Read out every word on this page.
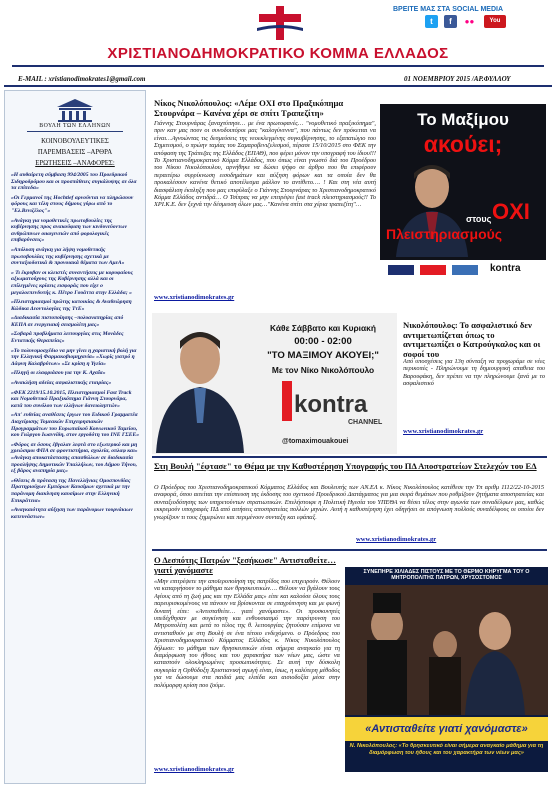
ΒΡΕΙΤΕ ΜΑΣ ΣΤΑ SOCIAL MEDIA
t	f	●●	You
ΧΡΙΣΤΙΑΝΟΔΗΜΟΚΡΑΤΙΚΟ ΚΟΜΜΑ ΕΛΛΑΔΟΣ
E-MAIL : xristianodimokrates1@gmail.com	01 ΝΟΕΜΒΡΙΟΥ 2015 /ΑΡ.ΦΥΛΛΟΥ
ΒΟΥΛΗ ΤΩΝ ΕΛΛΗΝΩΝ
ΚΟΙΝΟΒΟΥΛΕΥΤΙΚΕΣ
ΠΑΡΕΜΒΑΣΕΙΣ –ΑΡΘΡΑ
ΕΡΩΤΗΣΕΙΣ –ΑΝΑΦΟΡΕΣ:
«Η αυθαίρετη σύμβαση 994/2005 του Προεδρικού Σιδηροδρόμου και οι προσπάθειες συγκάλυψης σε όλα τα επίπεδα»
«Οι Γερμανοί της Hochtief αρνούνται να πληρώσουν φόρους και τέλη στους δήμους γύρω από το "Ελ.Βενιζέλος"»
«Ανάγκη για νομοθετικές πρωτοβουλίες της κυβέρνησης προς ανακούφιση των κινδυνεύοντων ανθρώπινων οικογενειών από φορολογικές επιβαρύνσεις»
«Απόλυση ανάγκη για λήψη νομοθετικής πρωτοβουλίας της κυβέρνησης σχετικά με συνταξιοδοτικά & προνοιακά θέματα των ΑμεΑ»
« Τι έκρυβαν οι κλειστές συναντήσεις με κορυφαίους αξιωματούχους της Κυβέρνησης αλλά και οι επίλεγμένες κρίσεις εισφοράς που είχε ο μεγαλοεπενδυτής κ. Πέτρο Γουάττα στην Ελλάδα; »
«Πλειστηριασμοί πρώτης κατοικίας & Αναθεώρηση Κώδικα Δεοντολογίας της ΤτΕ»
«Διαδικασία πιστοποίησης –πολυαναπηρίας από ΚΕΠΑ σε ενεργειακή σεισμολίτη μας»
«Σοβαρά προβλήματα λειτουργίας στις Μονάδες Εντατικής Θεραπείας»
«Το πολυνομοσχέδιο να μην γίνει η χαριστική βολή για την Ελληνική Φαρμακοβιομηχανία» «Χωρίς γιατρό η Δάφνη Καλαβρύτων» «Σε κρίση η Υγεία»
«Πληγή οι ελαφριάσου για την Κ. Αχαΐα»
«Ανακλήση αδείας ασφαλιστικής εταιρίας»
«ΦΕΚ 2219/15.10.2015, Πλειστηριασμοί Fast Track και Νομοθετικό Πραξικόπημα Γιάννη Στουρνάρα, κατά του συνόλου των ελλήνων δανειοληπτών»
«Απ' ευθείας αναθέσεις έργων του Ειδικού Γραμματέα Διαχείρισης Τομεακών Επιχειρησιακών Προγραμμάτων του Ευρωπαϊκού Κοινωνικού Ταμείου, κου Γιώργου Ιωαννίδη, στον εργοδότη του ΙΝΕ ΓΣΕΕ»
«Φόρος σε όσους έβγαλαν λεφτά στο εξωτερικό και μη χρεώσιμοι ΦΠΑ σε φροντιστήρια, σχολεία, οπλαφ και» «Ανάγκη αποκατάστασης απασθώλων σε διαδικασία προσλήψης Δημοτικών Υπαλλήλων, του Δήμου Τήνου, εξ βάρος αναπηρία μας»
«Θέσεις & πρόταση της Πανελλήνιας Ομοσπονδίας Πρατηριούχων Εμπόρων Καυσίμων σχετικά με την παράνομη διακίνηση καυσίμων στην Ελληνική Επικράτεια»
«Αναγκαιότητα αύξηση των παράνομων τουρνάκιων κατευνάστων»
Νίκος Νικολόπουλος: «Λέμε ΟΧΙ στο Πραξικόπημα Στουρνάρα – Κανένα χέρι σε σπίτι Τραπεζίτη»
Γιάννης Στουρνάρας ξαναχτύπησε… με ένα πρωτοφανές… "νομοθετικό πραξικόπημα", πριν καν μας πουν οι συνοδοιπόροι μας "καλογύνεννα", που πάντως δεν πρόκειται να είναι…Αγνοώντας τις δεσμεύσεις της νεοεκλεγμένης συγκυβέρνησης, το εξαπατώγιο του Σημιτισμού, ο πρώην ταμίας του Σαμαροβενιζελισμού, πέρασε 15/10/2015 στο ΦΕΚ την απόφαση της Τράπεζας της Ελλάδος (ΕΠΑΘ), που φέρει μόνον την υπογραφή του ίδιου!!!Το Χριστιανοδημοκρατικό Κόμμα Ελλάδος, που όπως είναι γνωστό διά του Προέδρου του Νίκου Νικολόπουλου, αρνήθηκε να δώσει ψήφο σε άρθρο που θα επιφέρουν περαιτέρω συρρίκνωση εισοδημάτων και αύξηση φόρων και τα οποία δεν θα προκαλέσουν κανένα θετικό αποτέλεσμα μάλλον το αντίθετο…. ! Και στη νέα αυτή διασφάλιση έκπληξη που μας επιφύλαξε ο Γιάννης Στουρνάρας το Χριστιανοδημοκρατικό Κόμμα Ελλάδος αντιδρά… Ο Τσίπρας να μην επιτρέψει fast track πλειστηριασμούς!! Το ΧΡΙ.Κ.Ε. δεν ξεχνά την δέσμευση όλων μας…"Κανένα σπίτι στα χέρια τραπεζίτη"…
www.xristianodimokrates.gr
Το Μαξίμου
ακούει;
στους ΟΧΙ
Πλειστηριασμούς
kontra
Κάθε Σάββατο και Κυριακή
00:00 - 02:00
"ΤΟ ΜΑΞΙΜΟΥ ΑΚΟΥΕΙ;"
Με τον Νίκο Νικολόπουλο
kontra
CHANNEL
@tomaximouakouei
Νικολόπουλος: Το ασφαλιστικό δεν αντιμετωπίζεται όπως το αντιμετωπίζει ο Κατρούγκαλος και οι σοφοί του
Από υποσχέσεις για 13η σύνταξη να προχωράμε σε νέες περικοπές - Πληρώνουμε τη δημιουργική απαθεια του Βαρουφάκη, δεν πρέπει να την πληρώνουμε ξανά με το ασφαλιστικό
www.xristianodimokrates.gr
Στη Βουλή "έφτασε" το Θέμα με την Καθυστέρηση Υπογραφής του ΠΔ Αποστρατείων Στελεχών του ΕΔ
Ο Πρόεδρος του Χριστιανοδημοκρατικού Κόμματος Ελλάδος και Βουλευτής των ΑΝ.ΕΛ κ. Νίκος Νικολόπουλος κατέθεσε την Υπ αριθμ 1112/22-10-2015 αναφορά, όπου αιτείται την επίσπευση της έκδοσης του σχετικού Προεδρικού Διατάγματος για μια σειρά θεμάτων που ρυθμίζουν ζητήματα αποστρατείας και συνταξιοδότησης των υπηρετούντων στρατιωτικών. Επελήστοιφε η Πολιτική Ηγεσία του ΥΠΕΘΑ να θέσει τέλος στην αγωνία των συναδέλφων μας, καθώς εκκρεμούν υπογραφές ΠΔ από αιτήσεις αποστρατείας πολλών μηνών. Αυτή η καθυστέρηση έχει οδηγήσει σε απόγνωση πολλούς συναδέλφους οι οποίοι δεν γνωρίζουν τι τους ξημερώνει και περιμένουν συνταξη και εφάπαξ.
www.xristianodimokrates.gr
Ο Δεσπότης Πατρών "ξεσήκωσε" Αντισταθείτε… γιατί χανόμαστε
«Μην επιτρέψετε την αποϊεροποίηση της πατρίδος που επιχειρούν. Θέλουν να καταργήσουν το μάθημα των θρησκευτικών…. Θέλουν να βγάλουν τους Αγίους από τη ζωή μας και την Ελλάδα μας» είπε και καλούσε όλους τους παρευρισκομένους να πάνουν να βρίσκονται σε επαγρύπνηση και με φωνή δυνατή είπε: «Αντισταθείτε… γιατί χανόμαστε». Οι προσκυνητές υπεδέχθησαν με συγκίνηση και ενθουσιασμό την παρότρυνση του Μητροπολίτη και μετά το τέλος της θ. λειτουργίας ζητούσαν επίμονα να αντισταθούν με στη Βουλή σε ένα τέτοιο ενδεχόμενο. ο Πρόεδρος του Χριστιανοδημοκρατικού Κόμματος Ελλάδος κ. Νίκος Νικολόπουλος δήλωσε: το μάθημα των θρησκευτικών είναι σήμερα αναγκαίο για τη διαμόρφωση του ήθους και του χαρακτήρα των νέων μας, ώστε να καταστούν ολοκληρωμένες προσωπικότητες. Σε αυτή την δύσκολη συγκυρία η Ορθόδοξη Χριστιανική αγωγή είναι, ίσως, η καλύτερη μέθοδος για να δώσουμε στα παιδιά μας ελπίδα και αισιοδοξία μέσα στην πολύμορφη κρίση που ζούμε.
www.xristianodimokrates.gr
ΣΥΝΕΠΗΡΕ ΧΙΛΙΑΔΕΣ ΠΙΣΤΟΥΣ ΜΕ ΤΟ ΘΕΡΜΟ ΚΗΡΥΓΜΑ ΤΟΥ Ο ΜΗΤΡΟΠΟΛΙΤΗΣ ΠΑΤΡΩΝ, ΧΡΥΣΟΣΤΟΜΟΣ
«Αντισταθείτε γιατί χανόμαστε»
Ν. Νικολόπουλος: «Το θρησκευτικό είναι σήμερα αναγκαίο μάθημα για τη διαμόρφωση του ήθους και του χαρακτήρα των νέων μας»
